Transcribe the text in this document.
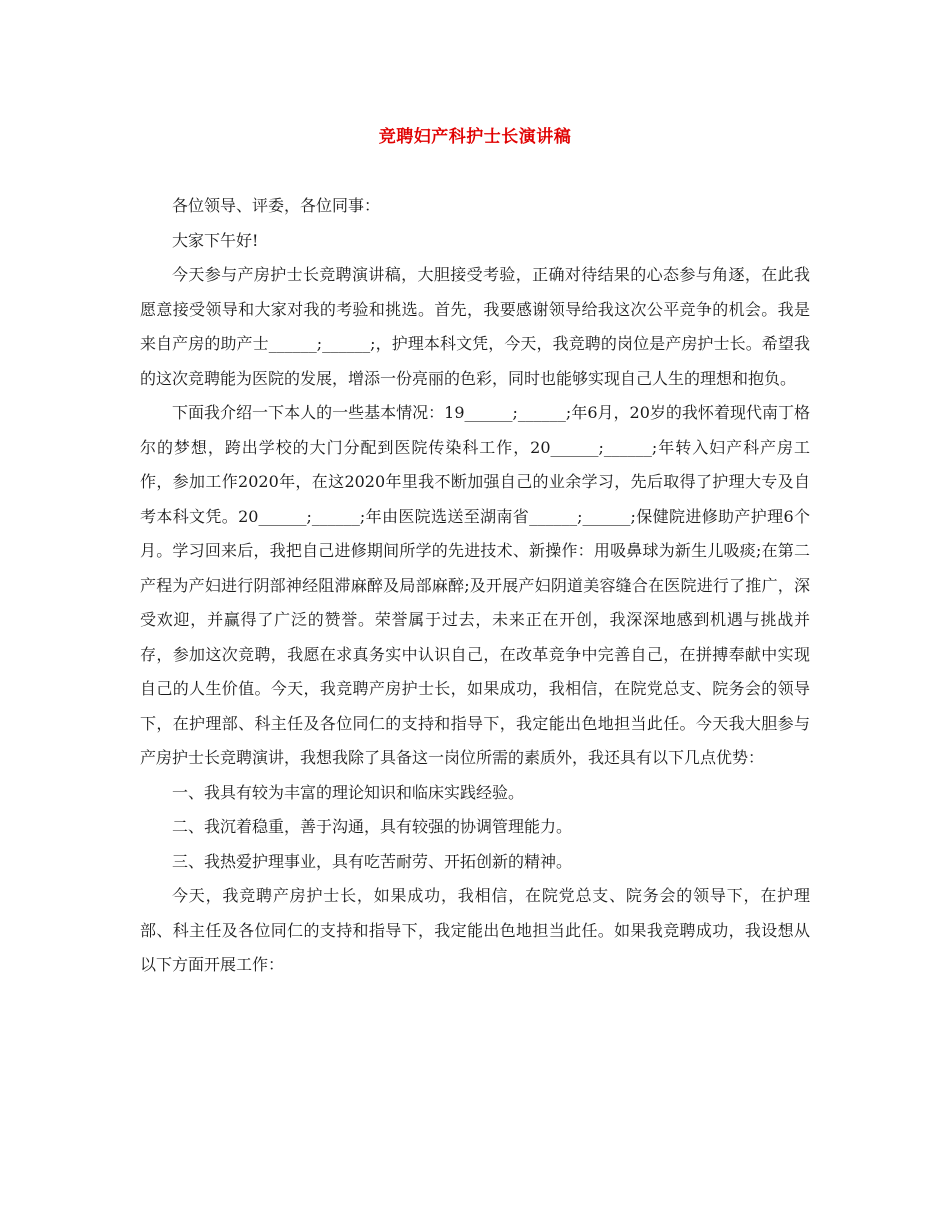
竞聘妇产科护士长演讲稿

各位领导、评委，各位同事：

大家下午好!

今天参与产房护士长竞聘演讲稿，大胆接受考验，正确对待结果的心态参与角逐，在此我愿意接受领导和大家对我的考验和挑选。首先，我要感谢领导给我这次公平竞争的机会。我是来自产房的助产士______;______;，护理本科文凭，今天，我竞聘的岗位是产房护士长。希望我的这次竞聘能为医院的发展，增添一份亮丽的色彩，同时也能够实现自己人生的理想和抱负。

下面我介绍一下本人的一些基本情况：19______;______;年6月，20岁的我怀着现代南丁格尔的梦想，跨出学校的大门分配到医院传染科工作，20______;______;年转入妇产科产房工作，参加工作2020年，在这2020年里我不断加强自己的业余学习，先后取得了护理大专及自考本科文凭。20______;______;年由医院选送至湖南省______;______;保健院进修助产护理6个月。学习回来后，我把自己进修期间所学的先进技术、新操作：用吸鼻球为新生儿吸痰;在第二产程为产妇进行阴部神经阻滞麻醉及局部麻醉;及开展产妇阴道美容缝合在医院进行了推广，深受欢迎，并赢得了广泛的赞誉。荣誉属于过去，未来正在开创，我深深地感到机遇与挑战并存，参加这次竞聘，我愿在求真务实中认识自己，在改革竞争中完善自己，在拼搏奉献中实现自己的人生价值。今天，我竞聘产房护士长，如果成功，我相信，在院党总支、院务会的领导下，在护理部、科主任及各位同仁的支持和指导下，我定能出色地担当此任。今天我大胆参与产房护士长竞聘演讲，我想我除了具备这一岗位所需的素质外，我还具有以下几点优势：

一、我具有较为丰富的理论知识和临床实践经验。

二、我沉着稳重，善于沟通，具有较强的协调管理能力。

三、我热爱护理事业，具有吃苦耐劳、开拓创新的精神。

今天，我竞聘产房护士长，如果成功，我相信，在院党总支、院务会的领导下，在护理部、科主任及各位同仁的支持和指导下，我定能出色地担当此任。如果我竞聘成功，我设想从以下方面开展工作：
